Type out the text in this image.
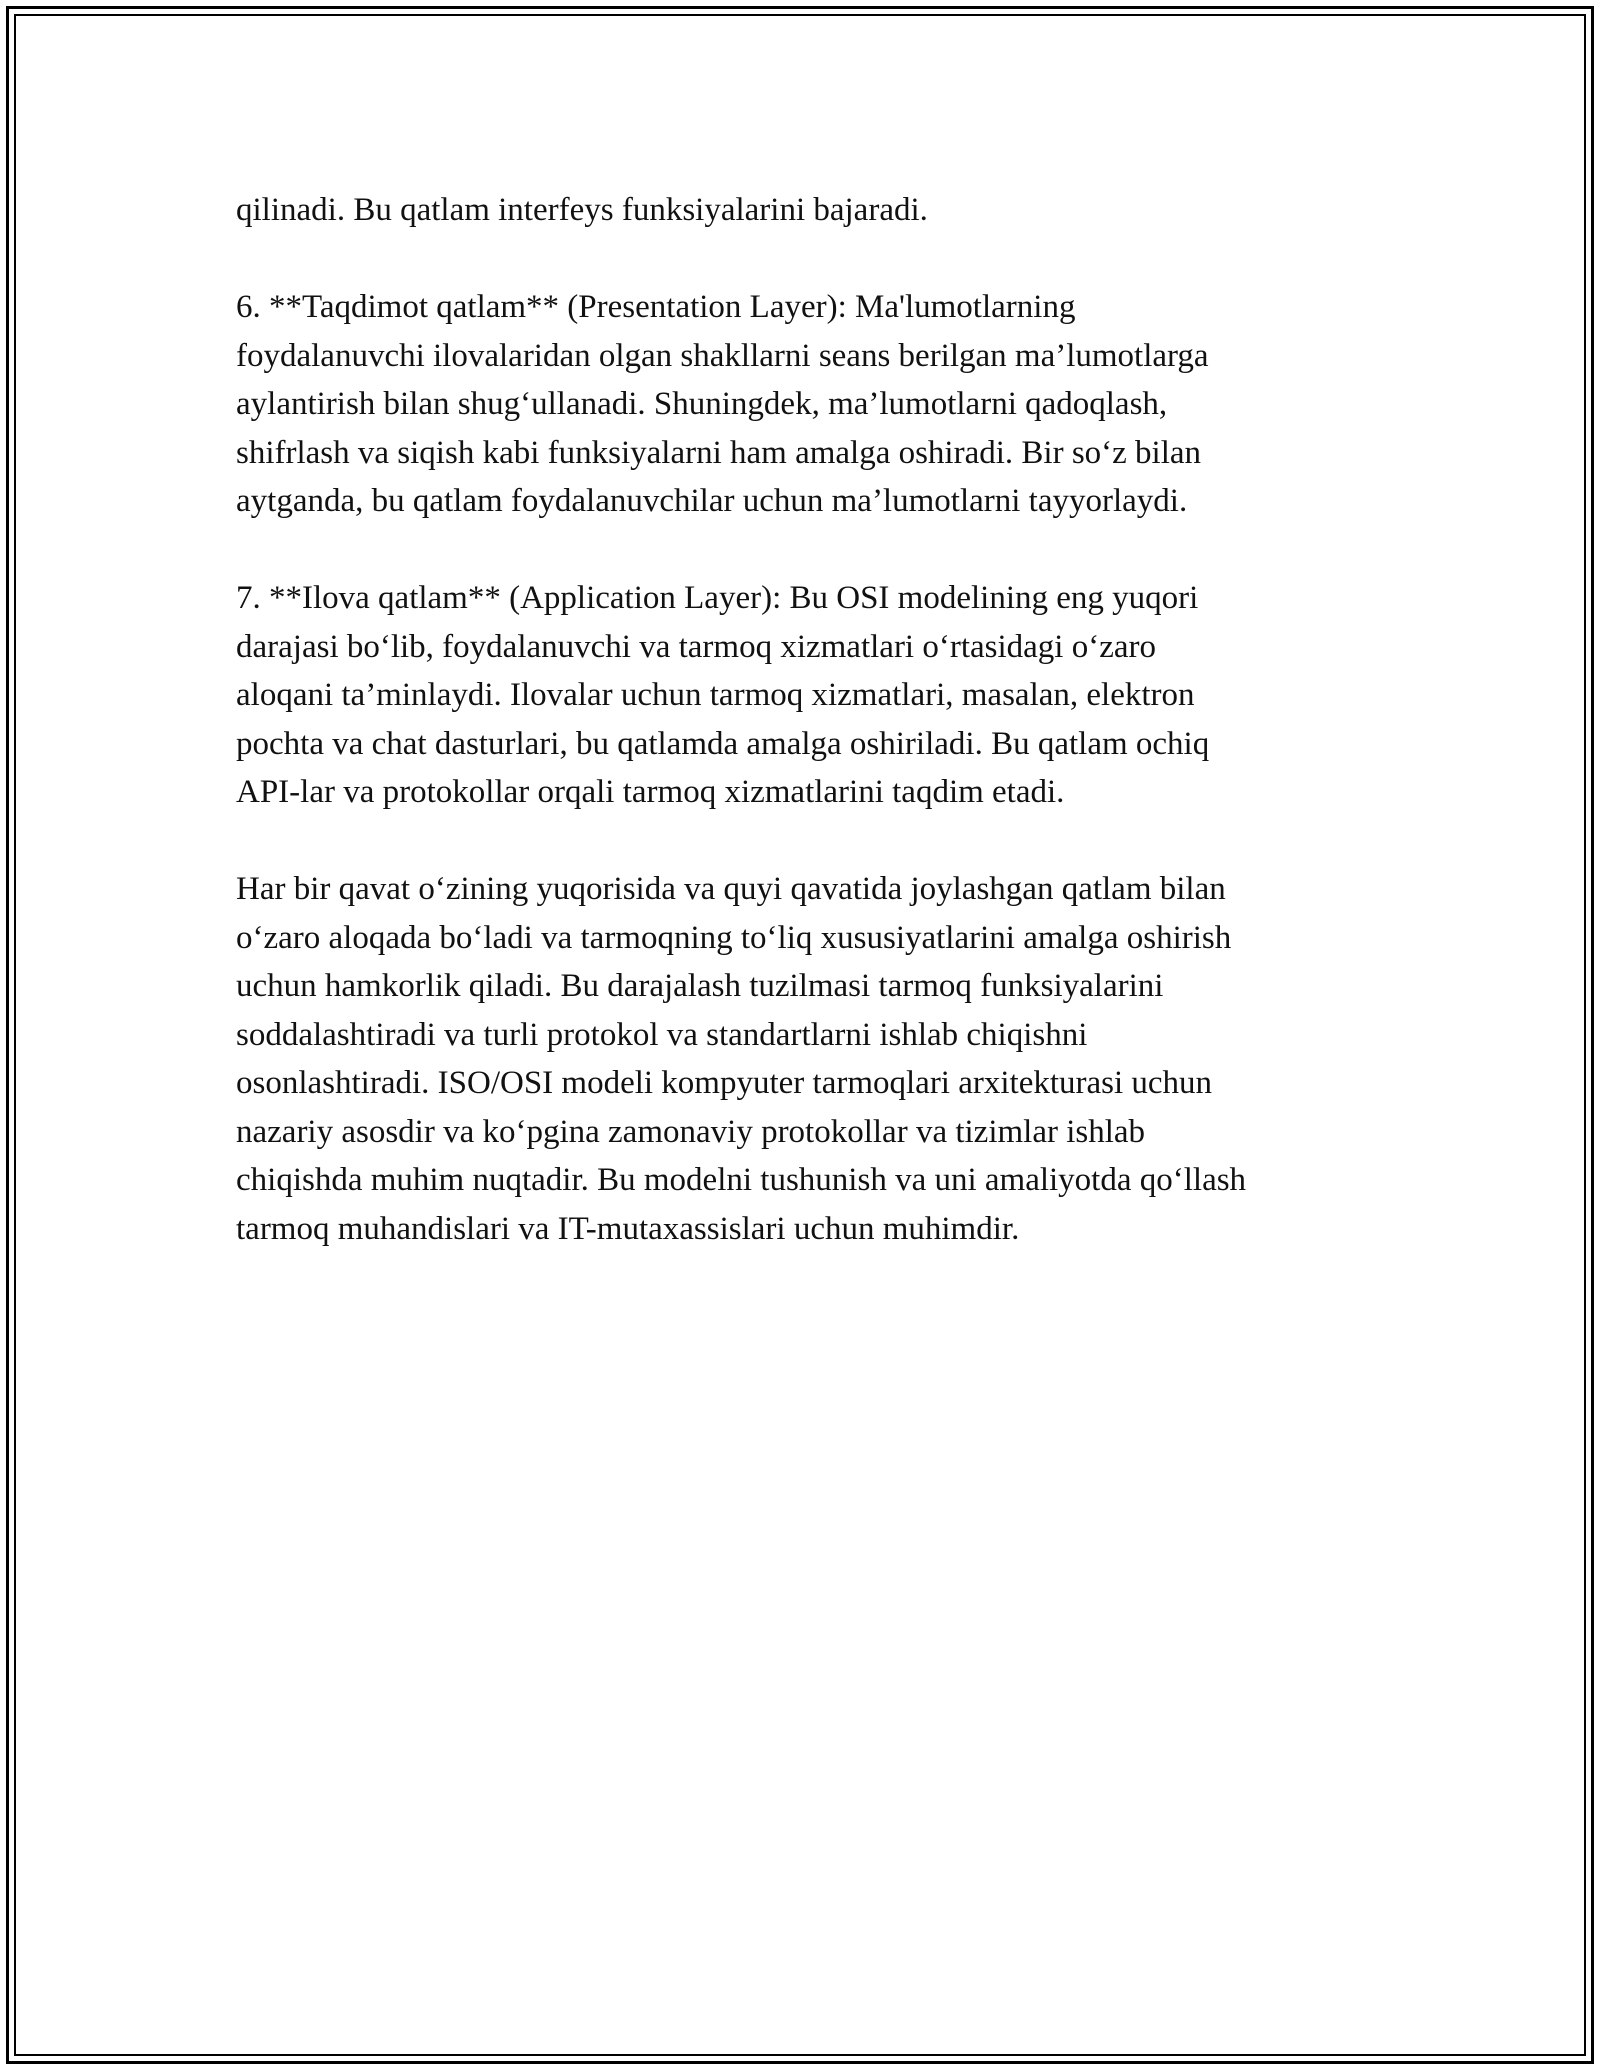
qilinadi. Bu qatlam interfeys funksiyalarini bajaradi.

6. **Taqdimot qatlam** (Presentation Layer): Ma'lumotlarning
foydalanuvchi ilovalaridan olgan shakllarni seans berilgan ma’lumotlarga
aylantirish bilan shug‘ullanadi. Shuningdek, ma’lumotlarni qadoqlash,
shifrlash va siqish kabi funksiyalarni ham amalga oshiradi. Bir so‘z bilan
aytganda, bu qatlam foydalanuvchilar uchun ma’lumotlarni tayyorlaydi.

7. **Ilova qatlam** (Application Layer): Bu OSI modelining eng yuqori
darajasi bo‘lib, foydalanuvchi va tarmoq xizmatlari o‘rtasidagi o‘zaro
aloqani ta’minlaydi. Ilovalar uchun tarmoq xizmatlari, masalan, elektron
pochta va chat dasturlari, bu qatlamda amalga oshiriladi. Bu qatlam ochiq
API-lar va protokollar orqali tarmoq xizmatlarini taqdim etadi.

Har bir qavat o‘zining yuqorisida va quyi qavatida joylashgan qatlam bilan
o‘zaro aloqada bo‘ladi va tarmoqning to‘liq xususiyatlarini amalga oshirish
uchun hamkorlik qiladi. Bu darajalash tuzilmasi tarmoq funksiyalarini
soddalashtiradi va turli protokol va standartlarni ishlab chiqishni
osonlashtiradi. ISO/OSI modeli kompyuter tarmoqlari arxitekturasi uchun
nazariy asosdir va ko‘pgina zamonaviy protokollar va tizimlar ishlab
chiqishda muhim nuqtadir. Bu modelni tushunish va uni amaliyotda qo‘llash
tarmoq muhandislari va IT-mutaxassislari uchun muhimdir.
